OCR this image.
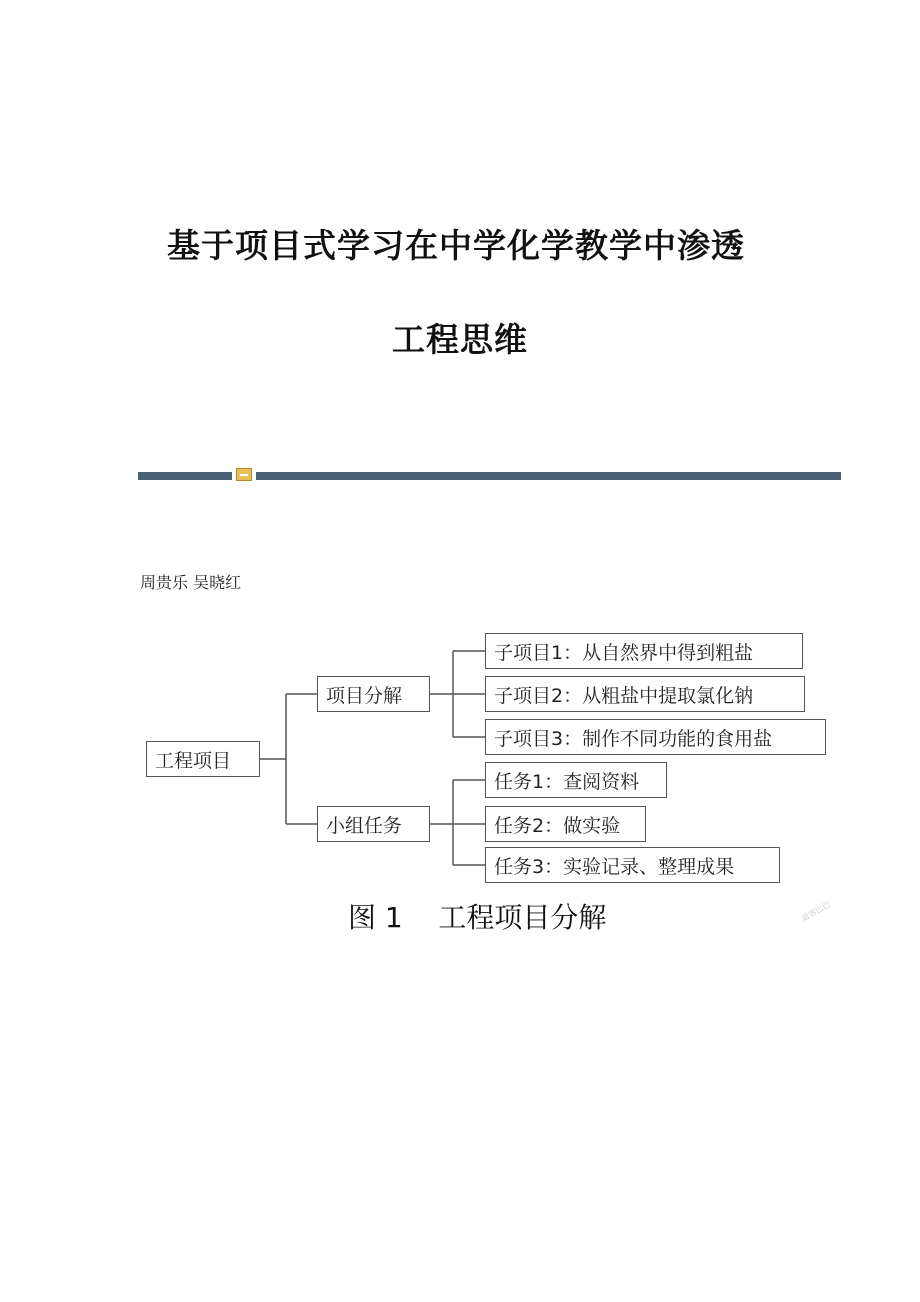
基于项目式学习在中学化学教学中渗透
工程思维
周贵乐 吴晓红
工程项目
项目分解
小组任务
子项目1：从自然界中得到粗盐
子项目2：从粗盐中提取氯化钠
子项目3：制作不同功能的食用盐
任务1：查阅资料
任务2：做实验
任务3：实验记录、整理成果
图 1    工程项目分解	道客巴巴
